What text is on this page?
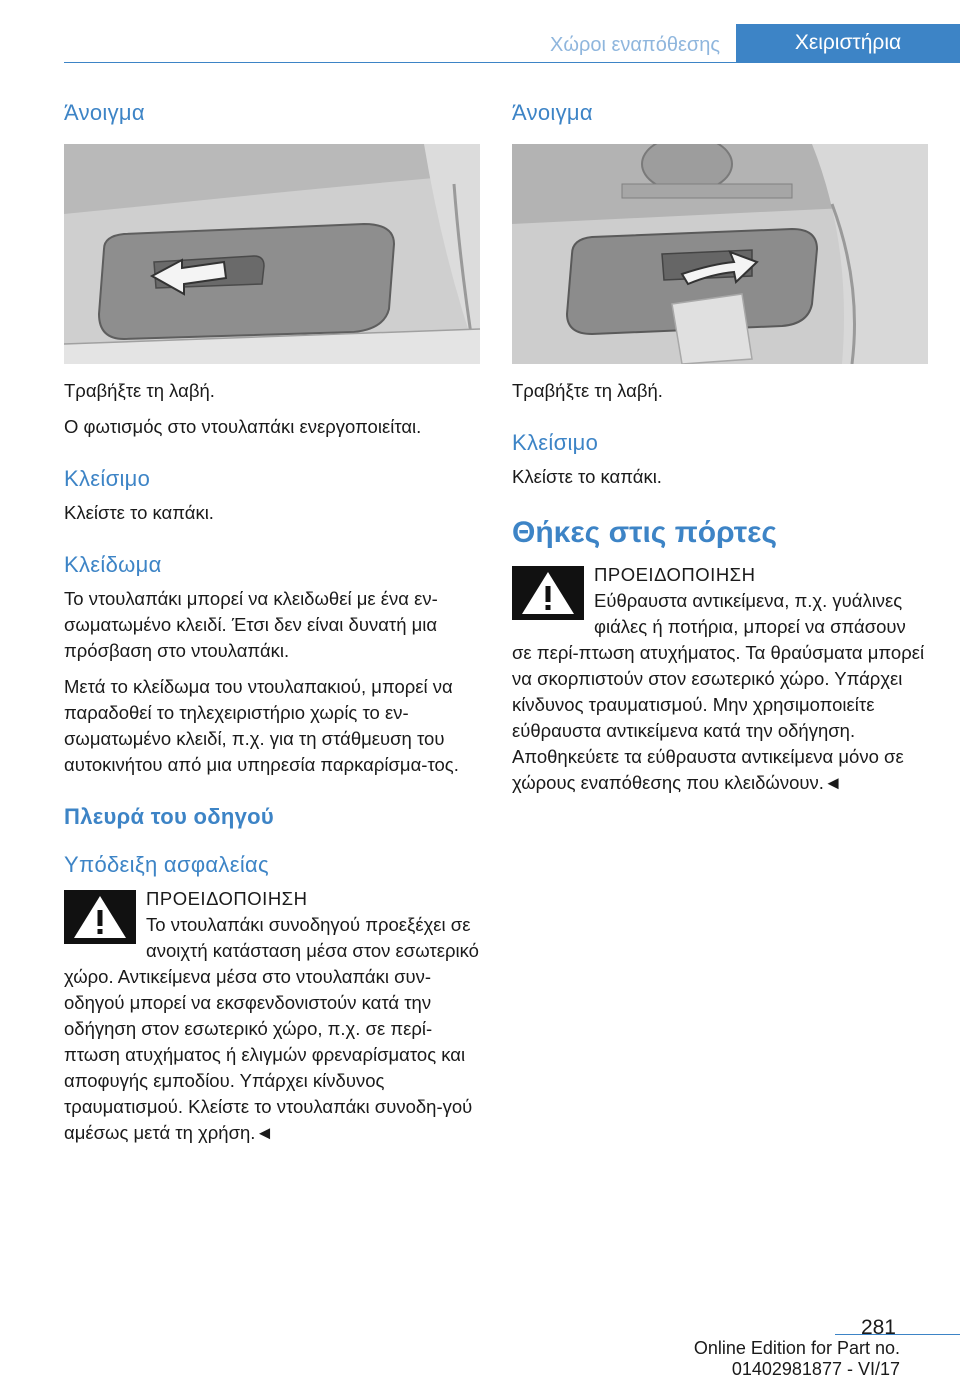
Χώροι εναπόθεσης	Χειριστήρια
Άνοιγμα

Τραβήξτε τη λαβή.

Ο φωτισμός στο ντουλαπάκι ενεργοποιείται.

Κλείσιμο

Κλείστε το καπάκι.

Κλείδωμα

Το ντουλαπάκι μπορεί να κλειδωθεί με ένα εν-σωματωμένο κλειδί. Έτσι δεν είναι δυνατή μια πρόσβαση στο ντουλαπάκι.

Μετά το κλείδωμα του ντουλαπακιού, μπορεί να παραδοθεί το τηλεχειριστήριο χωρίς το εν-σωματωμένο κλειδί, π.χ. για τη στάθμευση του αυτοκινήτου από μια υπηρεσία παρκαρίσμα-τος.

Πλευρά του οδηγού
Υπόδειξη ασφαλείας

ΠΡΟΕΙΔΟΠΟΙΗΣΗ

Το ντουλαπάκι συνοδηγού προεξέχει σε ανοιχτή κατάσταση μέσα στον εσωτερικό χώρο. Αντικείμενα μέσα στο ντουλαπάκι συν-οδηγού μπορεί να εκσφενδονιστούν κατά την οδήγηση στον εσωτερικό χώρο, π.χ. σε περί-πτωση ατυχήματος ή ελιγμών φρεναρίσματος και αποφυγής εμποδίου. Υπάρχει κίνδυνος τραυματισμού. Κλείστε το ντουλαπάκι συνοδη-γού αμέσως μετά τη χρήση.◄

Άνοιγμα

Τραβήξτε τη λαβή.

Κλείσιμο

Κλείστε το καπάκι.

Θήκες στις πόρτες

ΠΡΟΕΙΔΟΠΟΙΗΣΗ

Εύθραυστα αντικείμενα, π.χ. γυάλινες φιάλες ή ποτήρια, μπορεί να σπάσουν σε περί-πτωση ατυχήματος. Τα θραύσματα μπορεί να σκορπιστούν στον εσωτερικό χώρο. Υπάρχει κίνδυνος τραυματισμού. Μην χρησιμοποιείτε εύθραυστα αντικείμενα κατά την οδήγηση. Αποθηκεύετε τα εύθραυστα αντικείμενα μόνο σε χώρους εναπόθεσης που κλειδώνουν.◄

281
Online Edition for Part no. 01402981877 - VI/17
